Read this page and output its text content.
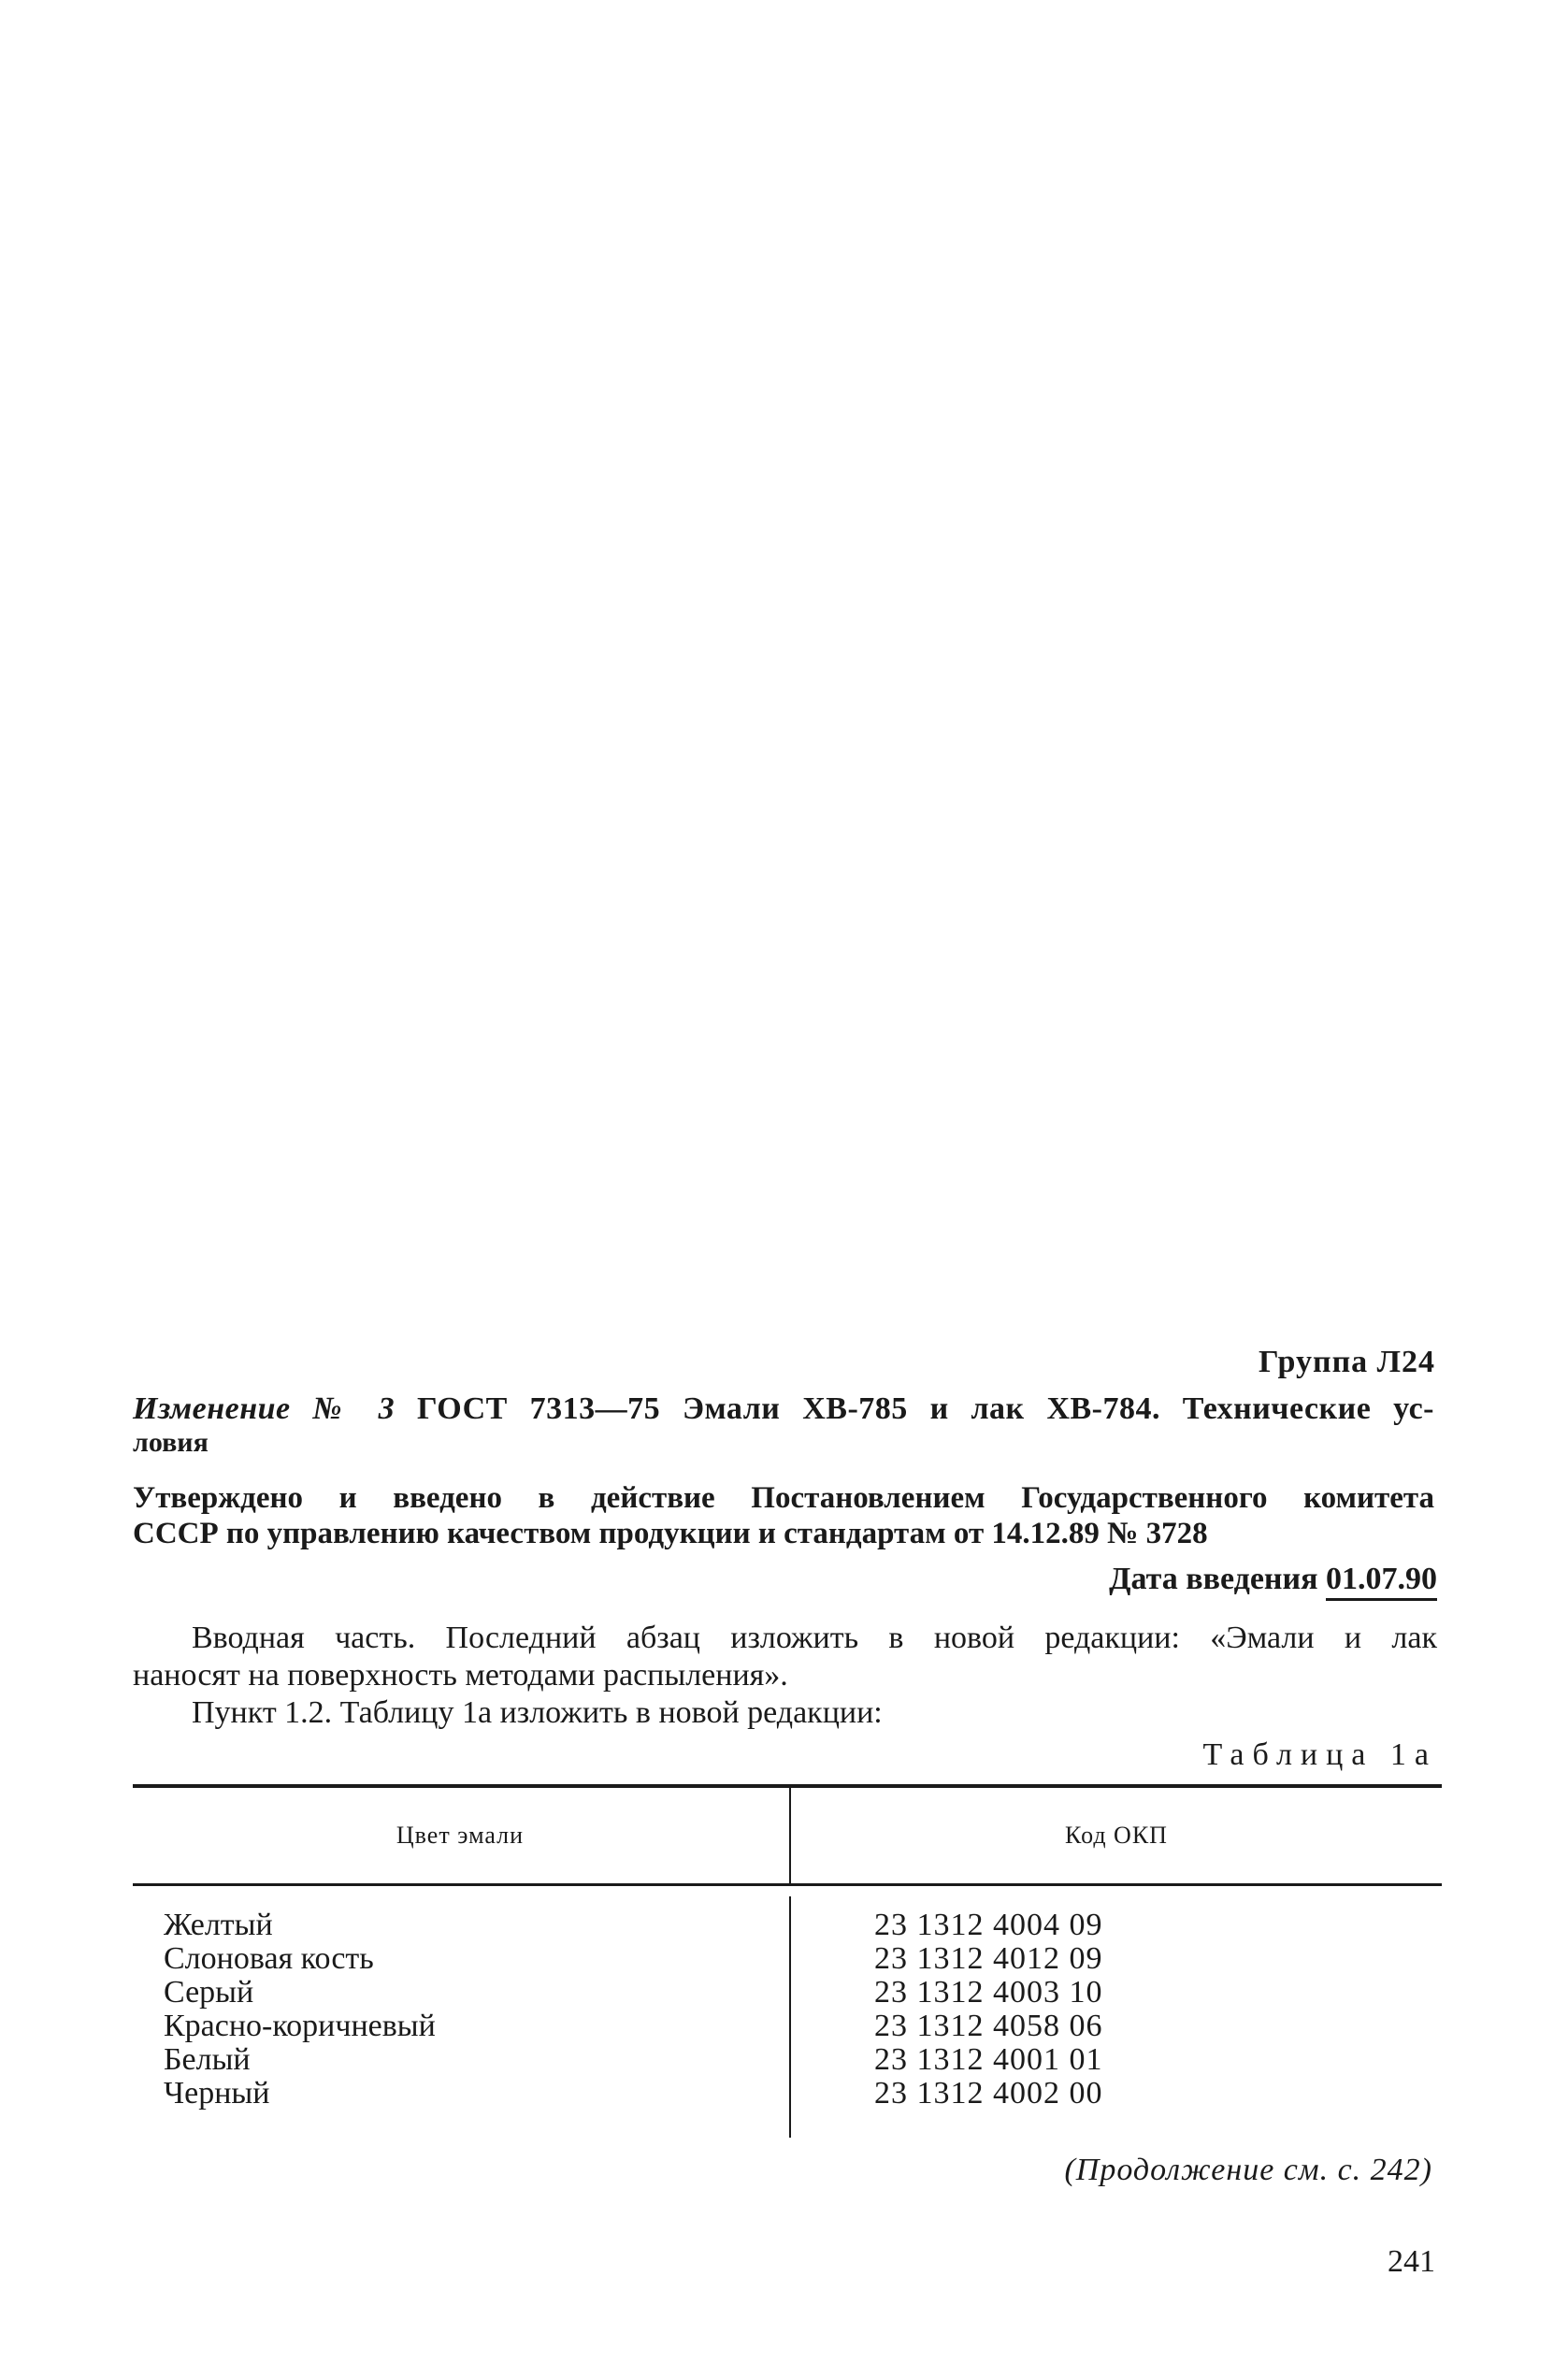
Группа Л24
Изменение № 3 ГОСТ 7313—75 Эмали ХВ-785 и лак ХВ-784. Технические ус-
ловия
Утверждено и введено в действие Постановлением Государственного комитета
СССР по управлению качеством продукции и стандартам от 14.12.89 № 3728
Дата введения 01.07.90
Вводная часть. Последний абзац изложить в новой редакции: «Эмали и лак
наносят на поверхность методами распыления».
Пункт 1.2. Таблицу 1а изложить в новой редакции:
Таблица 1а
Цвет эмали	Код ОКП
Желтый	23 1312 4004 09
Слоновая кость	23 1312 4012 09
Серый	23 1312 4003 10
Красно-коричневый	23 1312 4058 06
Белый	23 1312 4001 01
Черный	23 1312 4002 00
(Продолжение см. с. 242)
241
